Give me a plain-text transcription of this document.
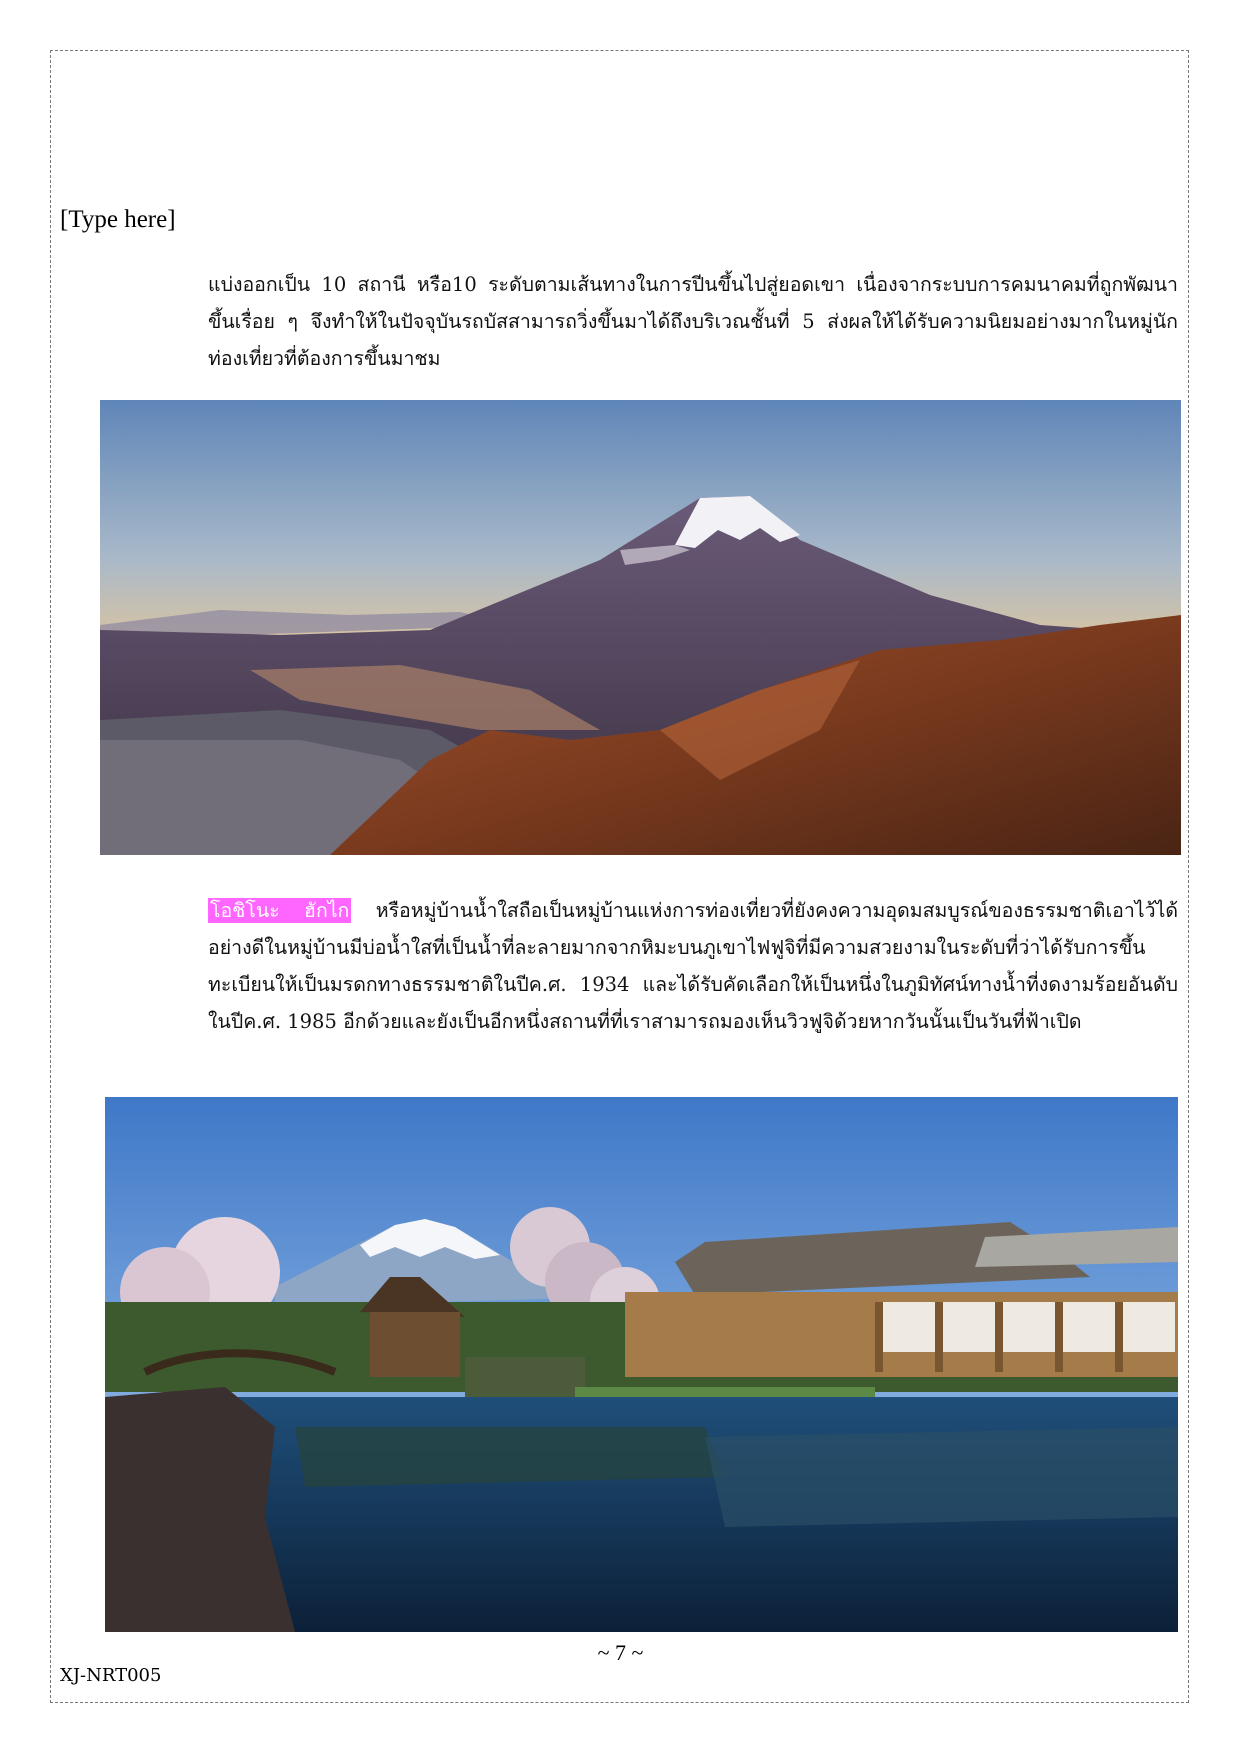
[Type here]
แบ่งออกเป็น 10 สถานี หรือ10 ระดับตามเส้นทางในการปีนขึ้นไปสู่ยอดเขา เนื่องจากระบบการคมนาคมที่ถูกพัฒนาขึ้นเรื่อย ๆ จึงทำให้ในปัจจุบันรถบัสสามารถวิ่งขึ้นมาได้ถึงบริเวณชั้นที่ 5 ส่งผลให้ได้รับความนิยมอย่างมากในหมู่นักท่องเที่ยวที่ต้องการขึ้นมาชม
โอชิโนะ ฮักไก หรือหมู่บ้านน้ำใสถือเป็นหมู่บ้านแห่งการท่องเที่ยวที่ยังคงความอุดมสมบูรณ์ของธรรมชาติเอาไว้ได้อย่างดีในหมู่บ้านมีบ่อน้ำใสที่เป็นน้ำที่ละลายมากจากหิมะบนภูเขาไฟฟูจิที่มีความสวยงามในระดับที่ว่าได้รับการขึ้นทะเบียนให้เป็นมรดกทางธรรมชาติในปีค.ศ. 1934 และได้รับคัดเลือกให้เป็นหนึ่งในภูมิทัศน์ทางน้ำที่งดงามร้อยอันดับในปีค.ศ. 1985 อีกด้วยและยังเป็นอีกหนึ่งสถานที่ที่เราสามารถมองเห็นวิวฟูจิด้วยหากวันนั้นเป็นวันที่ฟ้าเปิด
~ 7 ~
XJ-NRT005
